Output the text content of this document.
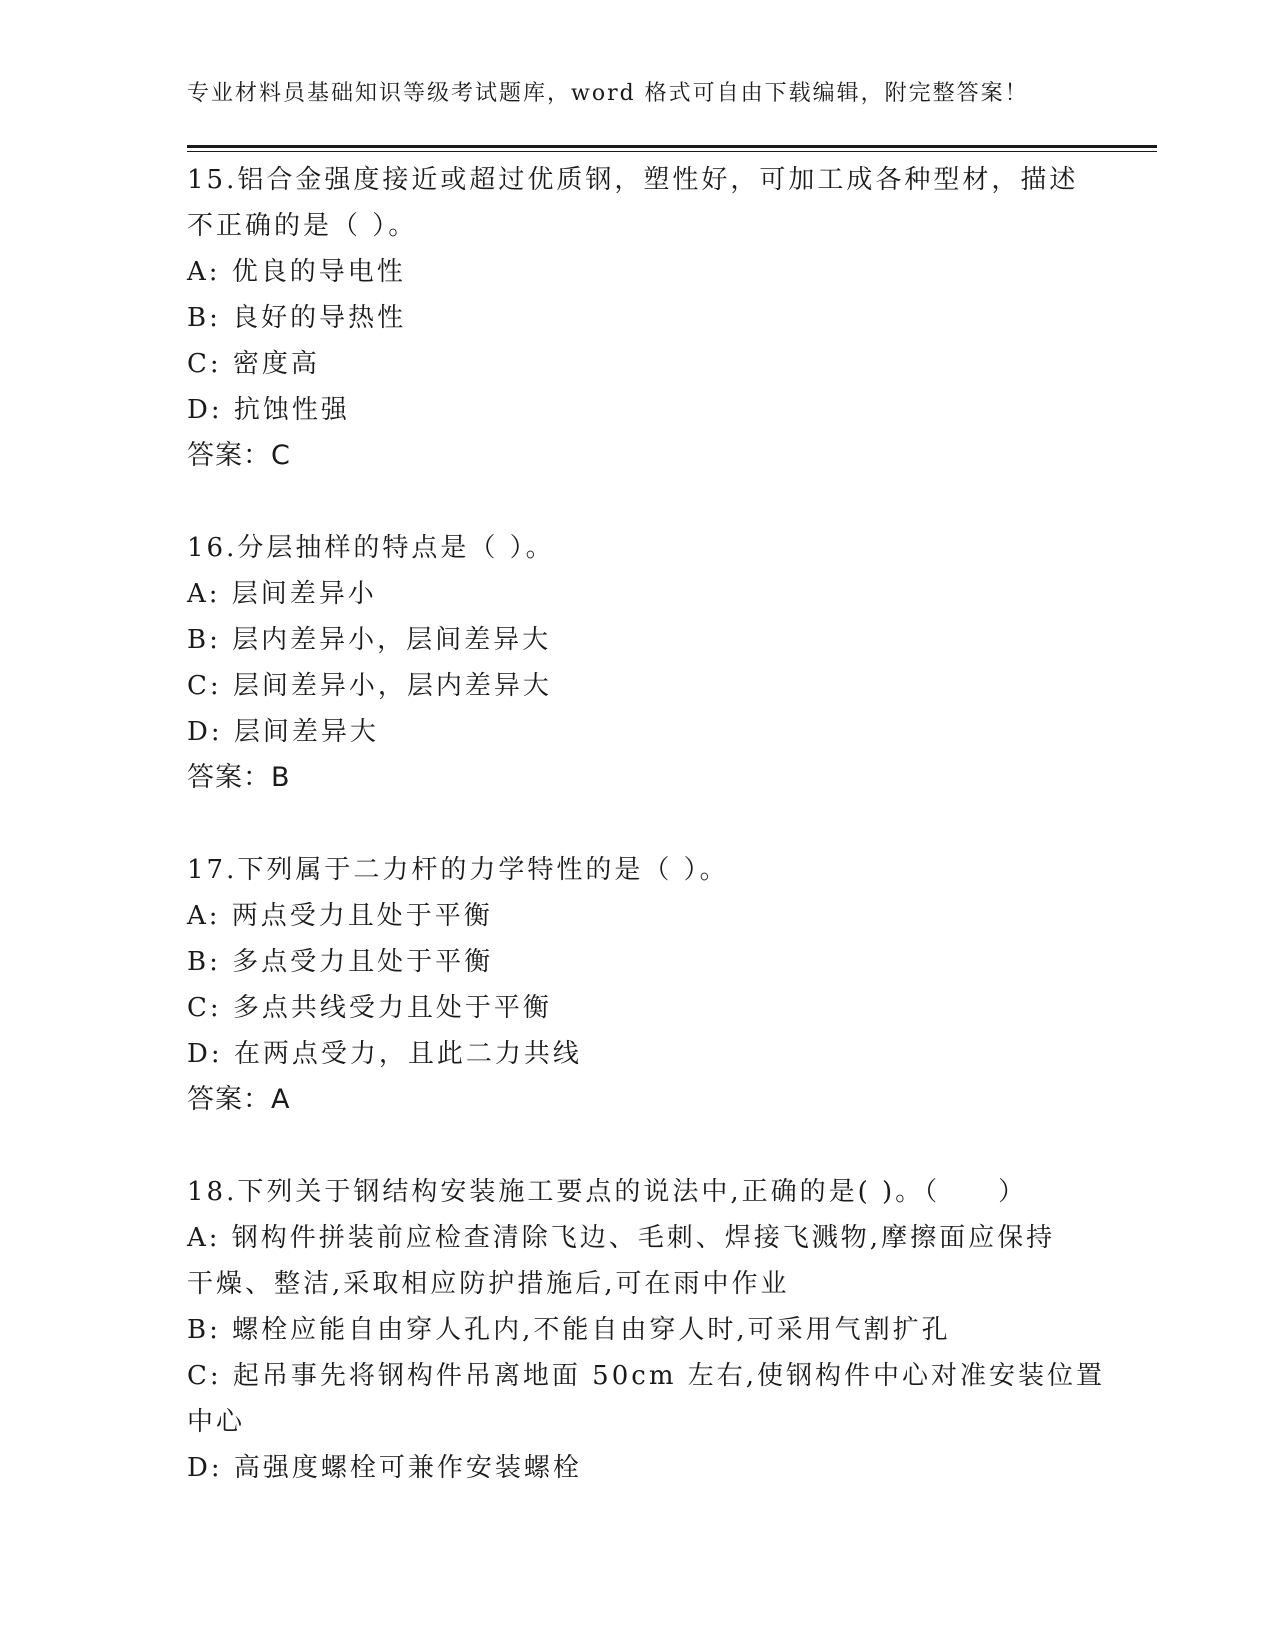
专业材料员基础知识等级考试题库，word 格式可自由下载编辑，附完整答案！
15.铝合金强度接近或超过优质钢，塑性好，可加工成各种型材，描述
不正确的是（ ）。
A: 优良的导电性
B: 良好的导热性
C: 密度高
D: 抗蚀性强
答案：C
16.分层抽样的特点是（ ）。
A: 层间差异小
B: 层内差异小，层间差异大
C: 层间差异小，层内差异大
D: 层间差异大
答案：B
17.下列属于二力杆的力学特性的是（ ）。
A: 两点受力且处于平衡
B: 多点受力且处于平衡
C: 多点共线受力且处于平衡
D: 在两点受力，且此二力共线
答案：A
18.下列关于钢结构安装施工要点的说法中,正确的是( )。（　　）
A: 钢构件拼装前应检查清除飞边、毛刺、焊接飞溅物,摩擦面应保持
干燥、整洁,采取相应防护措施后,可在雨中作业
B: 螺栓应能自由穿人孔内,不能自由穿人时,可采用气割扩孔
C: 起吊事先将钢构件吊离地面 50cm 左右,使钢构件中心对准安装位置
中心
D: 高强度螺栓可兼作安装螺栓
